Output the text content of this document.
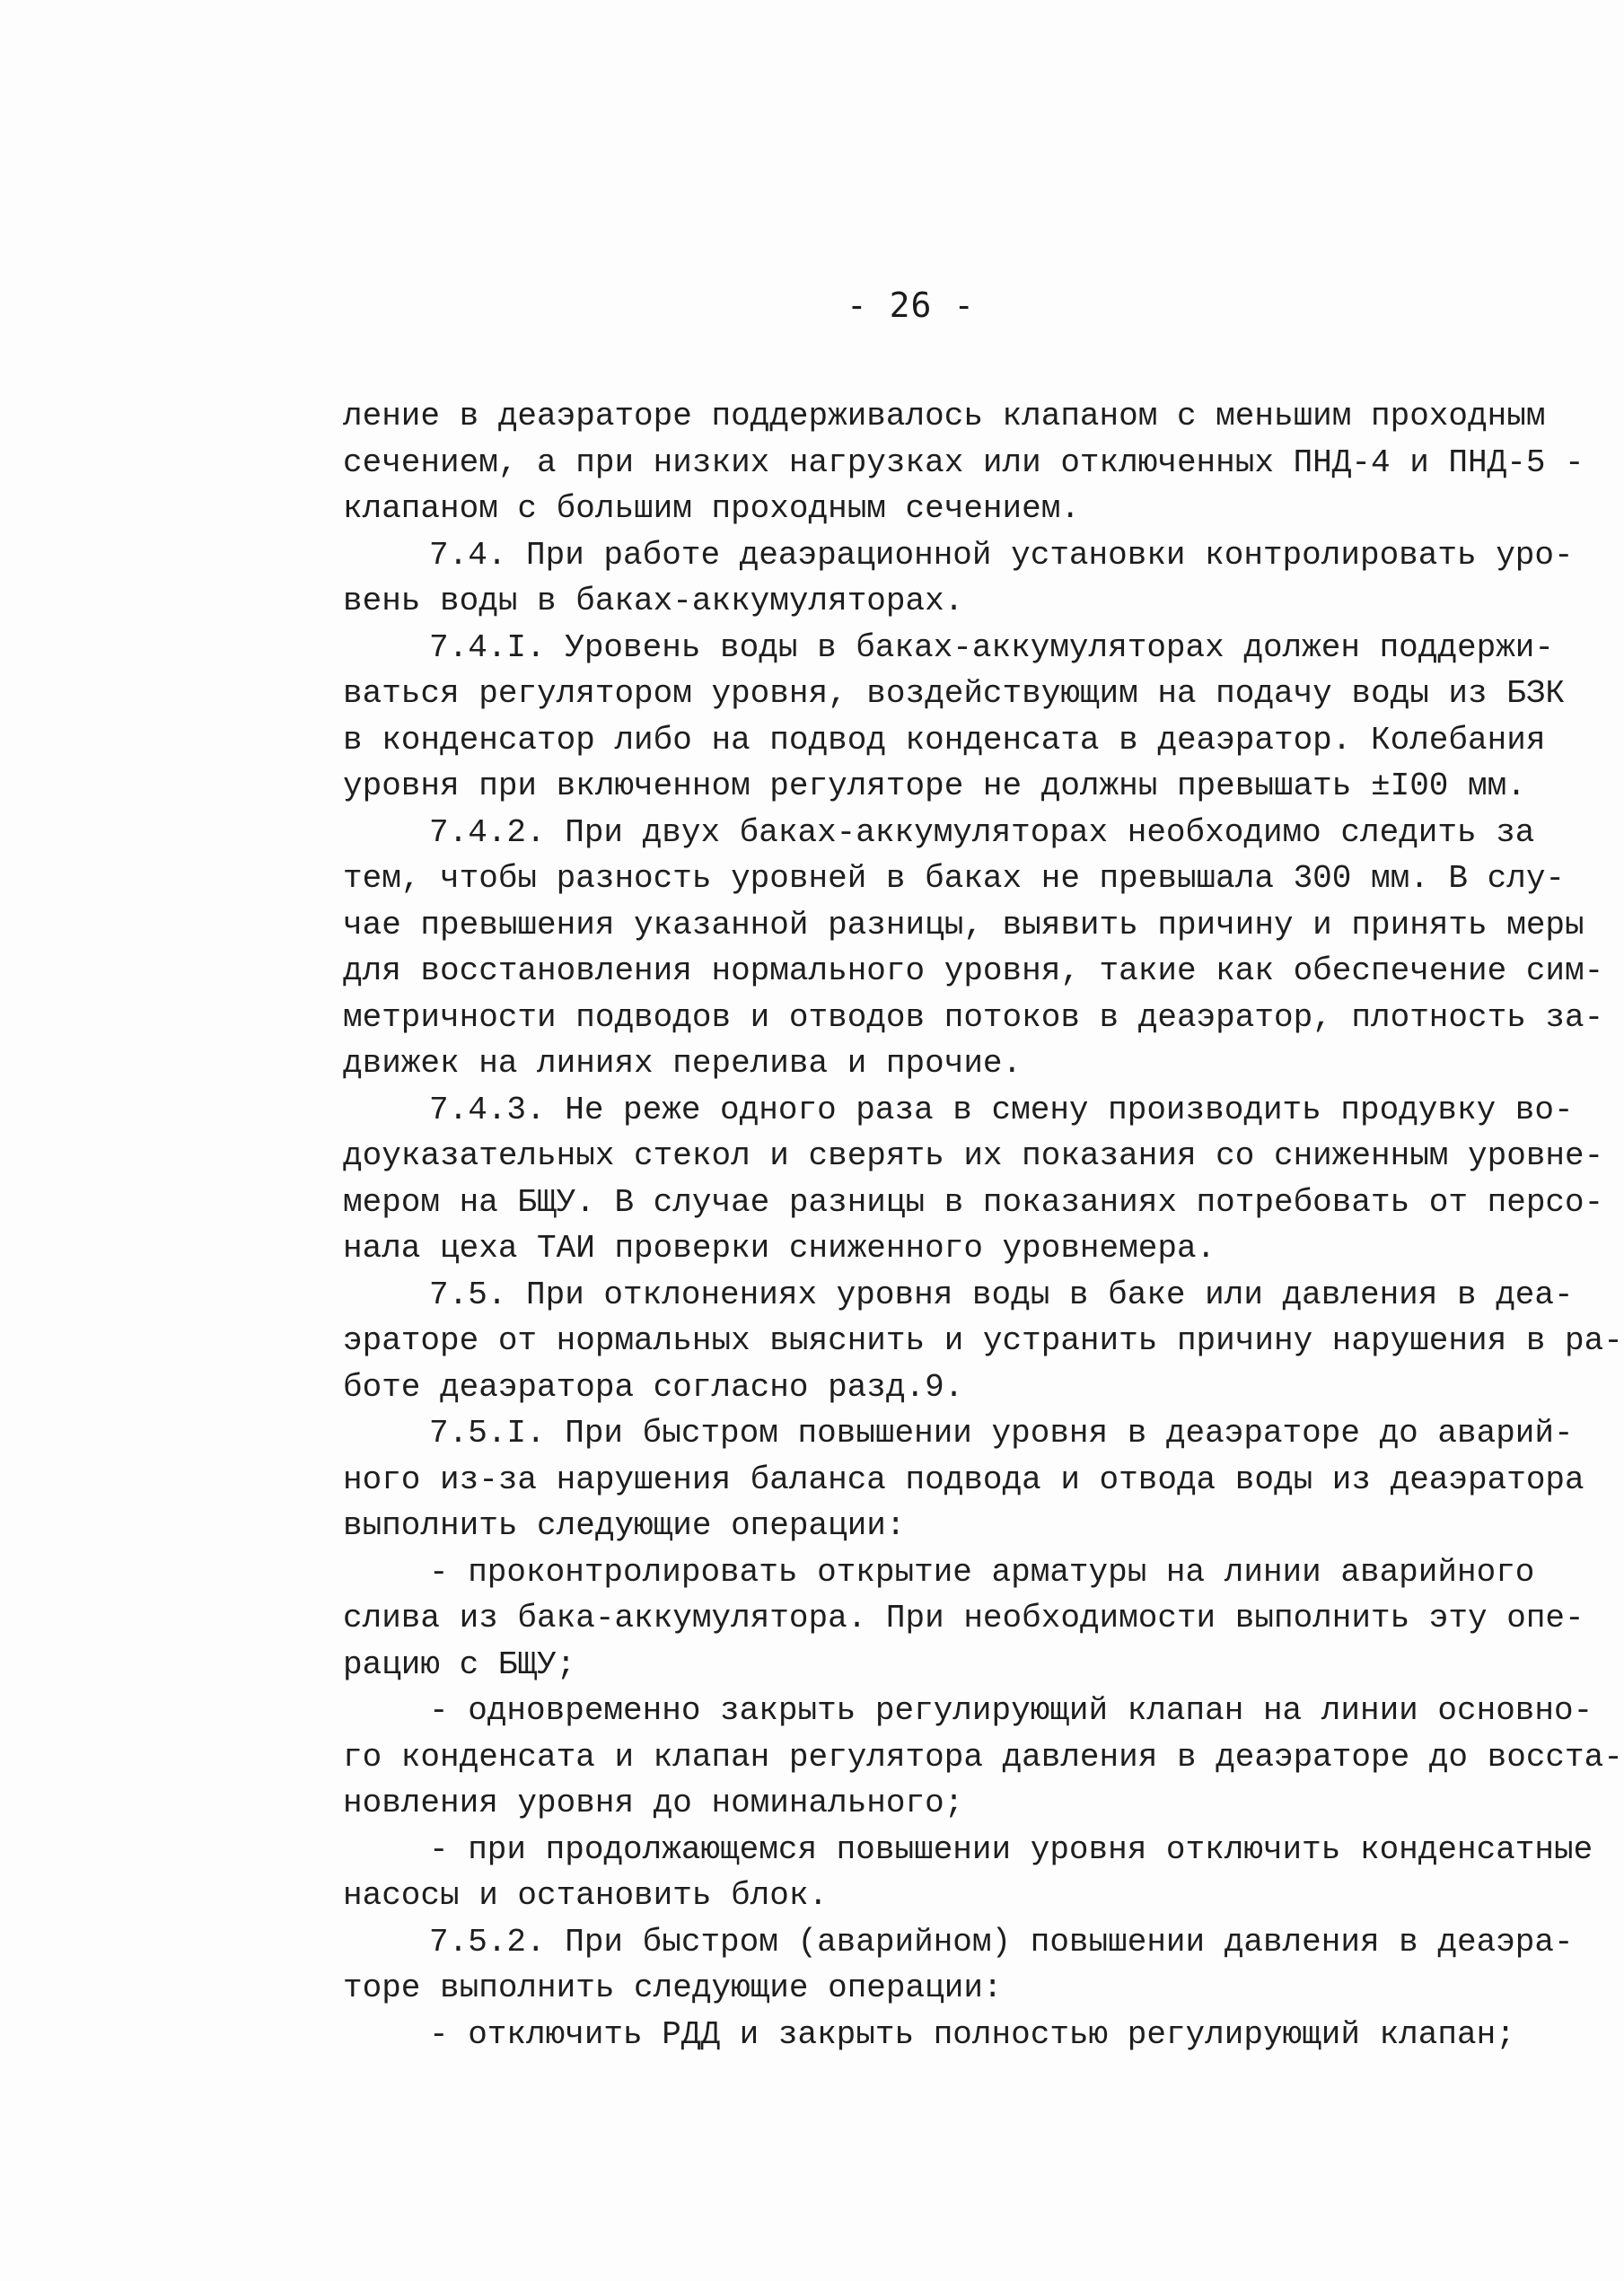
- 26 -
ление в деаэраторе поддерживалось клапаном с меньшим проходным
сечением, а при низких нагрузках или отключенных ПНД-4 и ПНД-5 -
клапаном с большим проходным сечением.
7.4. При работе деаэрационной установки контролировать уро-
вень воды в баках-аккумуляторах.
7.4.I. Уровень воды в баках-аккумуляторах должен поддержи-
ваться регулятором уровня, воздействующим на подачу воды из БЗК
в конденсатор либо на подвод конденсата в деаэратор. Колебания
уровня при включенном регуляторе не должны превышать ±I00 мм.
7.4.2. При двух баках-аккумуляторах необходимо следить за
тем, чтобы разность уровней в баках не превышала 300 мм. В слу-
чае превышения указанной разницы, выявить причину и принять меры
для восстановления нормального уровня, такие как обеспечение сим-
метричности подводов и отводов потоков в деаэратор, плотность за-
движек на линиях перелива и прочие.
7.4.3. Не реже одного раза в смену производить продувку во-
доуказательных стекол и сверять их показания со сниженным уровне-
мером на БЩУ. В случае разницы в показаниях потребовать от персо-
нала цеха ТАИ проверки сниженного уровнемера.
7.5. При отклонениях уровня воды в баке или давления в деа-
эраторе от нормальных выяснить и устранить причину нарушения в ра-
боте деаэратора согласно разд.9.
7.5.I. При быстром повышении уровня в деаэраторе до аварий-
ного из-за нарушения баланса подвода и отвода воды из деаэратора
выполнить следующие операции:
- проконтролировать открытие арматуры на линии аварийного
слива из бака-аккумулятора. При необходимости выполнить эту опе-
рацию с БЩУ;
- одновременно закрыть регулирующий клапан на линии основно-
го конденсата и клапан регулятора давления в деаэраторе до восста-
новления уровня до номинального;
- при продолжающемся повышении уровня отключить конденсатные
насосы и остановить блок.
7.5.2. При быстром (аварийном) повышении давления в деаэра-
торе выполнить следующие операции:
- отключить РДД и закрыть полностью регулирующий клапан;
